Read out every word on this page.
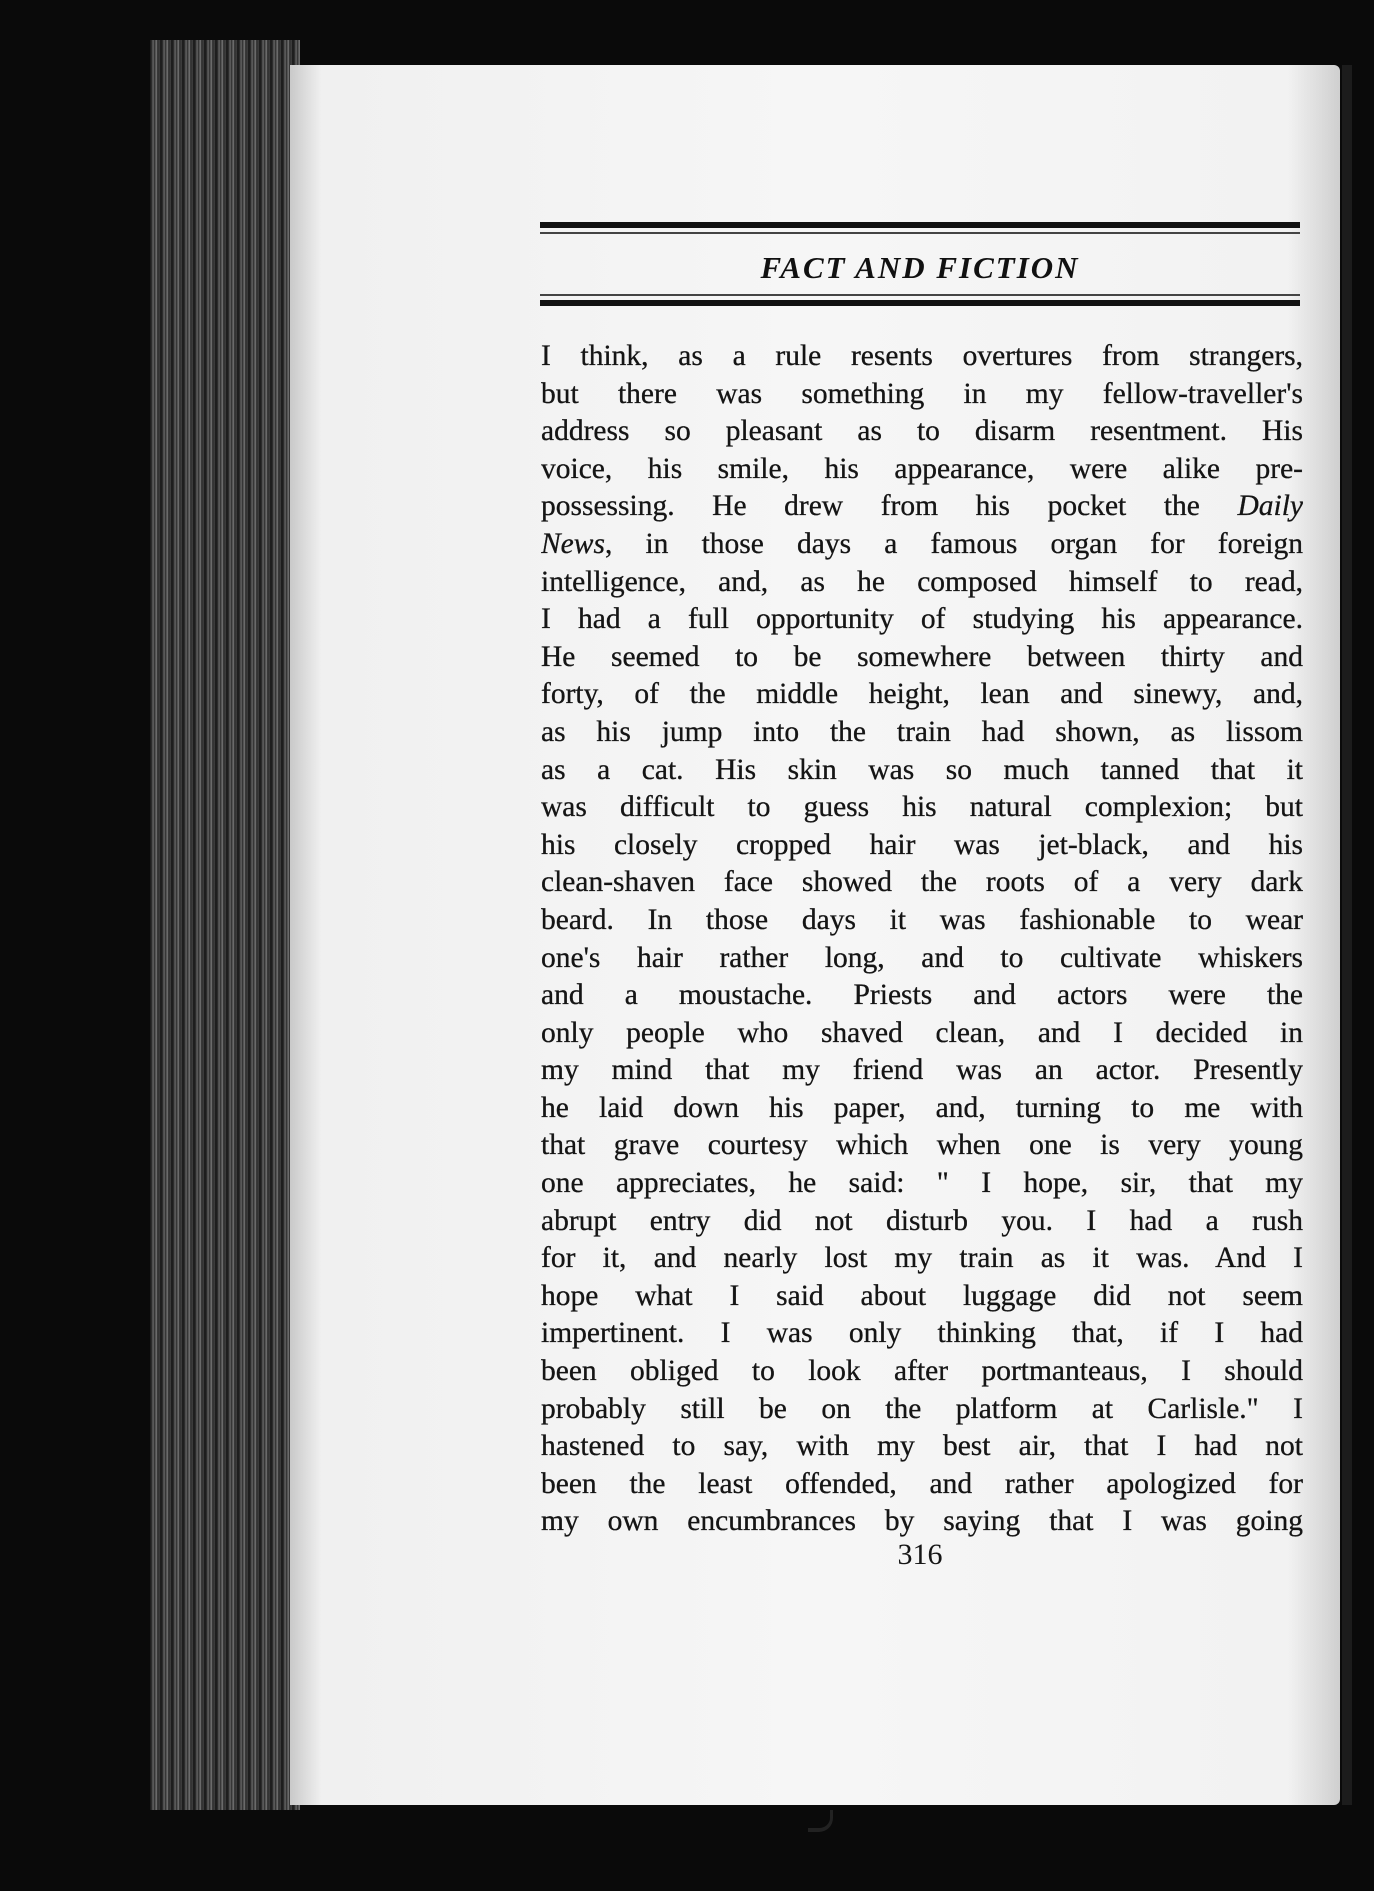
FACT AND FICTION
I think, as a rule resents overtures from strangers,
but there was something in my fellow-traveller's
address so pleasant as to disarm resentment. His
voice, his smile, his appearance, were alike pre-
possessing. He drew from his pocket the Daily
News, in those days a famous organ for foreign
intelligence, and, as he composed himself to read,
I had a full opportunity of studying his appearance.
He seemed to be somewhere between thirty and
forty, of the middle height, lean and sinewy, and,
as his jump into the train had shown, as lissom
as a cat. His skin was so much tanned that it
was difficult to guess his natural complexion; but
his closely cropped hair was jet-black, and his
clean-shaven face showed the roots of a very dark
beard. In those days it was fashionable to wear
one's hair rather long, and to cultivate whiskers
and a moustache. Priests and actors were the
only people who shaved clean, and I decided in
my mind that my friend was an actor. Presently
he laid down his paper, and, turning to me with
that grave courtesy which when one is very young
one appreciates, he said: " I hope, sir, that my
abrupt entry did not disturb you. I had a rush
for it, and nearly lost my train as it was. And I
hope what I said about luggage did not seem
impertinent. I was only thinking that, if I had
been obliged to look after portmanteaus, I should
probably still be on the platform at Carlisle." I
hastened to say, with my best air, that I had not
been the least offended, and rather apologized for
my own encumbrances by saying that I was going
316
